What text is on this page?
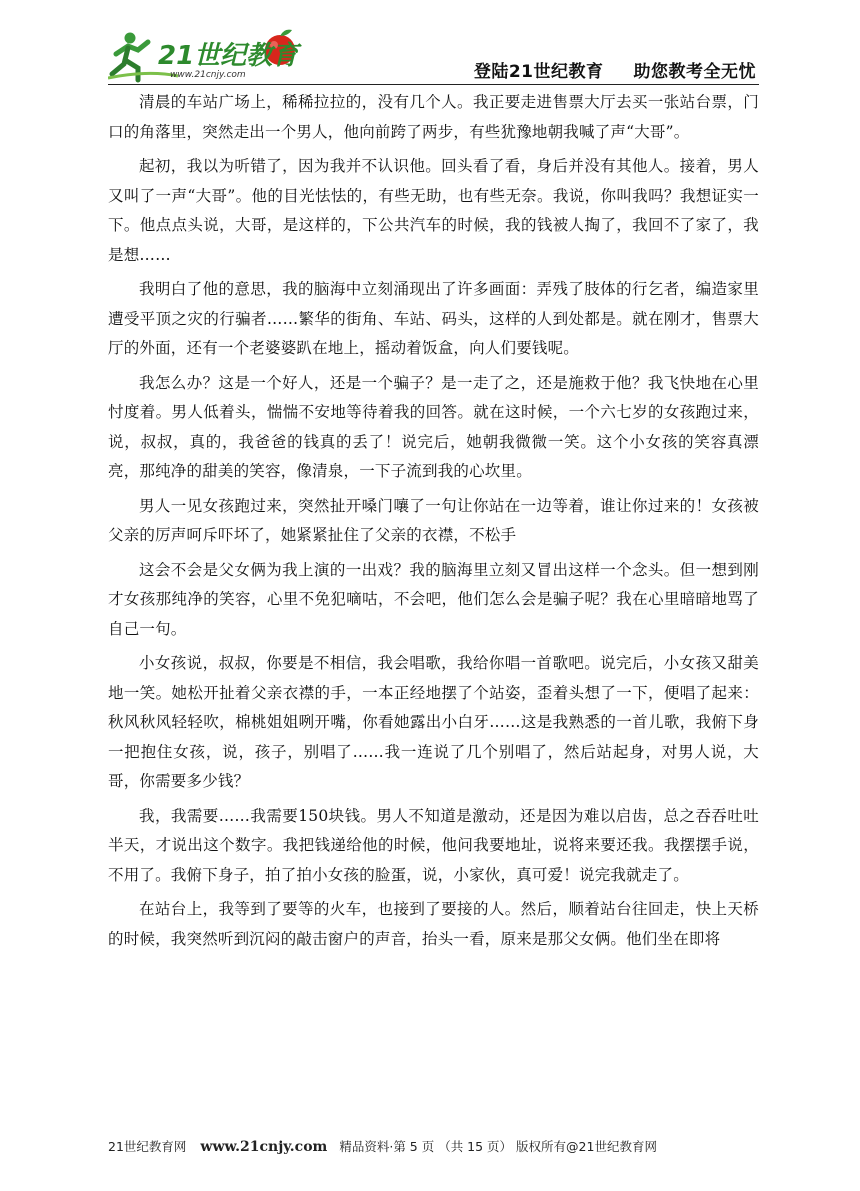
21世纪教育
www.21cnjy.com	登陆21世纪教育 助您教考全无忧

清晨的车站广场上，稀稀拉拉的，没有几个人。我正要走进售票大厅去买一张站台票，门口的角落里，突然走出一个男人，他向前跨了两步，有些犹豫地朝我喊了声“大哥”。

起初，我以为听错了，因为我并不认识他。回头看了看，身后并没有其他人。接着，男人又叫了一声“大哥”。他的目光怯怯的，有些无助，也有些无奈。我说，你叫我吗？我想证实一下。他点点头说，大哥，是这样的，下公共汽车的时候，我的钱被人掏了，我回不了家了，我是想……

我明白了他的意思，我的脑海中立刻涌现出了许多画面：弄残了肢体的行乞者，编造家里遭受平顶之灾的行骗者……繁华的街角、车站、码头，这样的人到处都是。就在刚才，售票大厅的外面，还有一个老婆婆趴在地上，摇动着饭盒，向人们要钱呢。

我怎么办？这是一个好人，还是一个骗子？是一走了之，还是施救于他？我飞快地在心里忖度着。男人低着头，惴惴不安地等待着我的回答。就在这时候，一个六七岁的女孩跑过来，说，叔叔，真的，我爸爸的钱真的丢了！说完后，她朝我微微一笑。这个小女孩的笑容真漂亮，那纯净的甜美的笑容，像清泉，一下子流到我的心坎里。

男人一见女孩跑过来，突然扯开嗓门嚷了一句让你站在一边等着，谁让你过来的！女孩被父亲的厉声呵斥吓坏了，她紧紧扯住了父亲的衣襟，不松手

这会不会是父女俩为我上演的一出戏？我的脑海里立刻又冒出这样一个念头。但一想到刚才女孩那纯净的笑容，心里不免犯嘀咕，不会吧，他们怎么会是骗子呢？我在心里暗暗地骂了自己一句。

小女孩说，叔叔，你要是不相信，我会唱歌，我给你唱一首歌吧。说完后，小女孩又甜美地一笑。她松开扯着父亲衣襟的手，一本正经地摆了个站姿，歪着头想了一下，便唱了起来：秋风秋风轻轻吹，棉桃姐姐咧开嘴，你看她露出小白牙……这是我熟悉的一首儿歌，我俯下身一把抱住女孩，说，孩子，别唱了……我一连说了几个别唱了，然后站起身，对男人说，大哥，你需要多少钱？

我，我需要……我需要150块钱。男人不知道是激动，还是因为难以启齿，总之吞吞吐吐半天，才说出这个数字。我把钱递给他的时候，他问我要地址，说将来要还我。我摆摆手说，不用了。我俯下身子，拍了拍小女孩的脸蛋，说，小家伙，真可爱！说完我就走了。

在站台上，我等到了要等的火车，也接到了要接的人。然后，顺着站台往回走，快上天桥的时候，我突然听到沉闷的敲击窗户的声音，抬头一看，原来是那父女俩。他们坐在即将

21世纪教育网 www.21cnjy.com 精品资料·第 5 页 （共 15 页） 版权所有@21世纪教育网
